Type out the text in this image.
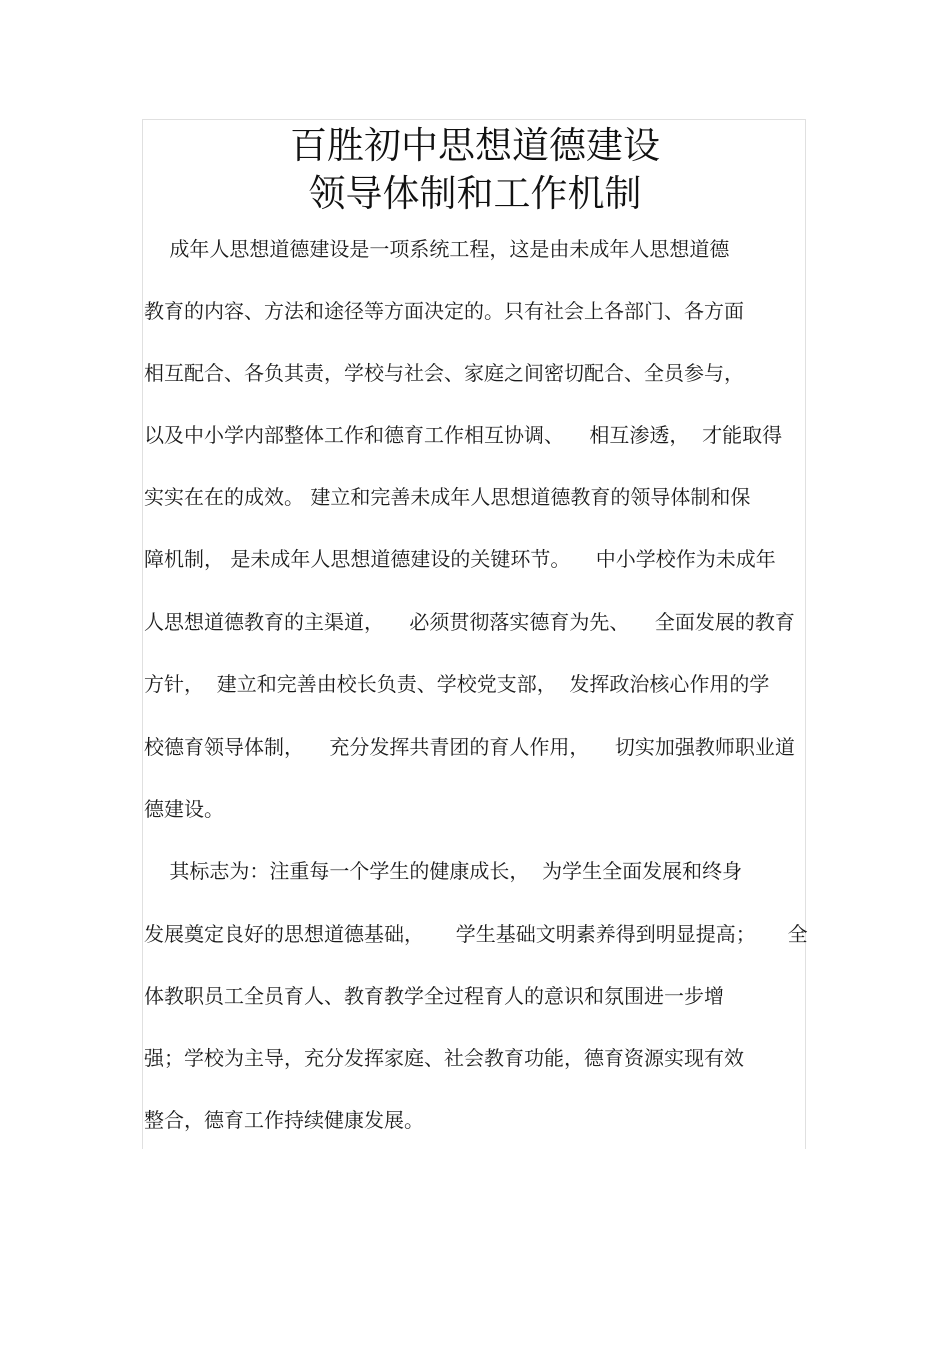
百胜初中思想道德建设
领导体制和工作机制
成年人思想道德建设是一项系统工程，这是由未成年人思想道德
教育的内容、方法和途径等方面决定的。只有社会上各部门、各方面
相互配合、各负其责，学校与社会、家庭之间密切配合、全员参与，
以及中小学内部整体工作和德育工作相互协调、    相互渗透，  才能取得
实实在在的成效。 建立和完善未成年人思想道德教育的领导体制和保
障机制， 是未成年人思想道德建设的关键环节。    中小学校作为未成年
人思想道德教育的主渠道，    必须贯彻落实德育为先、    全面发展的教育
方针，  建立和完善由校长负责、学校党支部，  发挥政治核心作用的学
校德育领导体制，    充分发挥共青团的育人作用，    切实加强教师职业道
德建设。
其标志为：注重每一个学生的健康成长，  为学生全面发展和终身
发展奠定良好的思想道德基础，     学生基础文明素养得到明显提高；     全
体教职员工全员育人、教育教学全过程育人的意识和氛围进一步增
强；学校为主导，充分发挥家庭、社会教育功能，德育资源实现有效
整合，德育工作持续健康发展。
